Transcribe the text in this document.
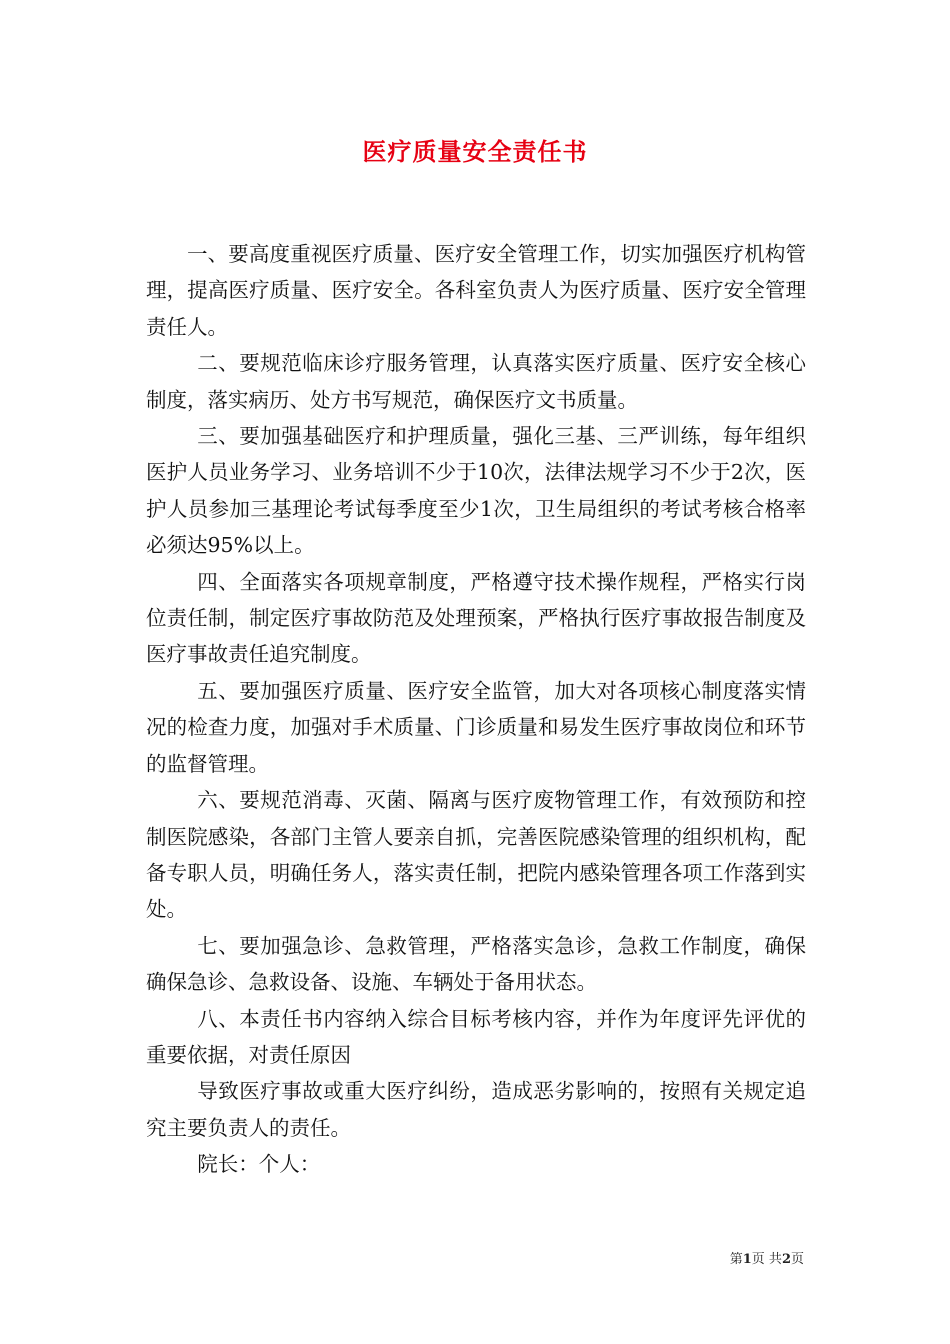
医疗质量安全责任书

一、要高度重视医疗质量、医疗安全管理工作，切实加强医疗机构管理，提高医疗质量、医疗安全。各科室负责人为医疗质量、医疗安全管理责任人。

二、要规范临床诊疗服务管理，认真落实医疗质量、医疗安全核心制度，落实病历、处方书写规范，确保医疗文书质量。

三、要加强基础医疗和护理质量，强化三基、三严训练，每年组织医护人员业务学习、业务培训不少于10次，法律法规学习不少于2次，医护人员参加三基理论考试每季度至少1次，卫生局组织的考试考核合格率必须达95%以上。

四、全面落实各项规章制度，严格遵守技术操作规程，严格实行岗位责任制，制定医疗事故防范及处理预案，严格执行医疗事故报告制度及医疗事故责任追究制度。

五、要加强医疗质量、医疗安全监管，加大对各项核心制度落实情况的检查力度，加强对手术质量、门诊质量和易发生医疗事故岗位和环节的监督管理。

六、要规范消毒、灭菌、隔离与医疗废物管理工作，有效预防和控制医院感染，各部门主管人要亲自抓，完善医院感染管理的组织机构，配备专职人员，明确任务人，落实责任制，把院内感染管理各项工作落到实处。

七、要加强急诊、急救管理，严格落实急诊，急救工作制度，确保确保急诊、急救设备、设施、车辆处于备用状态。

八、本责任书内容纳入综合目标考核内容，并作为年度评先评优的重要依据，对责任原因

导致医疗事故或重大医疗纠纷，造成恶劣影响的，按照有关规定追究主要负责人的责任。

院长：个人：

第1页 共2页
